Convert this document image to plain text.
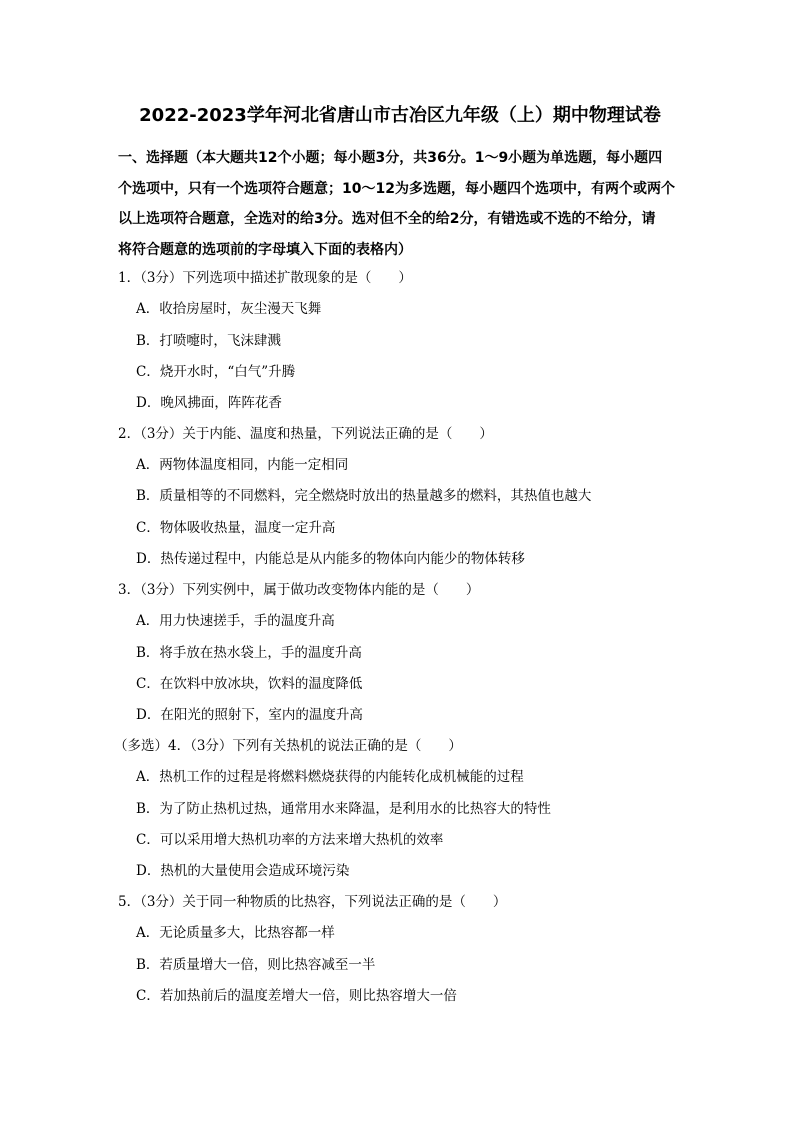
2022-2023学年河北省唐山市古冶区九年级（上）期中物理试卷
一、选择题（本大题共12个小题；每小题3分，共36分。1～9小题为单选题，每小题四
个选项中，只有一个选项符合题意；10～12为多选题，每小题四个选项中，有两个或两个
以上选项符合题意，全选对的给3分。选对但不全的给2分，有错选或不选的不给分，请
将符合题意的选项前的字母填入下面的表格内）
1．（3分）下列选项中描述扩散现象的是（　　）
A．收拾房屋时，灰尘漫天飞舞
B．打喷嚏时，飞沫肆溅
C．烧开水时，“白气”升腾
D．晚风拂面，阵阵花香
2．（3分）关于内能、温度和热量，下列说法正确的是（　　）
A．两物体温度相同，内能一定相同
B．质量相等的不同燃料，完全燃烧时放出的热量越多的燃料，其热值也越大
C．物体吸收热量，温度一定升高
D．热传递过程中，内能总是从内能多的物体向内能少的物体转移
3．（3分）下列实例中，属于做功改变物体内能的是（　　）
A．用力快速搓手，手的温度升高
B．将手放在热水袋上，手的温度升高
C．在饮料中放冰块，饮料的温度降低
D．在阳光的照射下，室内的温度升高
（多选）4．（3分）下列有关热机的说法正确的是（　　）
A．热机工作的过程是将燃料燃烧获得的内能转化成机械能的过程
B．为了防止热机过热，通常用水来降温，是利用水的比热容大的特性
C．可以采用增大热机功率的方法来增大热机的效率
D．热机的大量使用会造成环境污染
5．（3分）关于同一种物质的比热容，下列说法正确的是（　　）
A．无论质量多大，比热容都一样
B．若质量增大一倍，则比热容减至一半
C．若加热前后的温度差增大一倍，则比热容增大一倍
